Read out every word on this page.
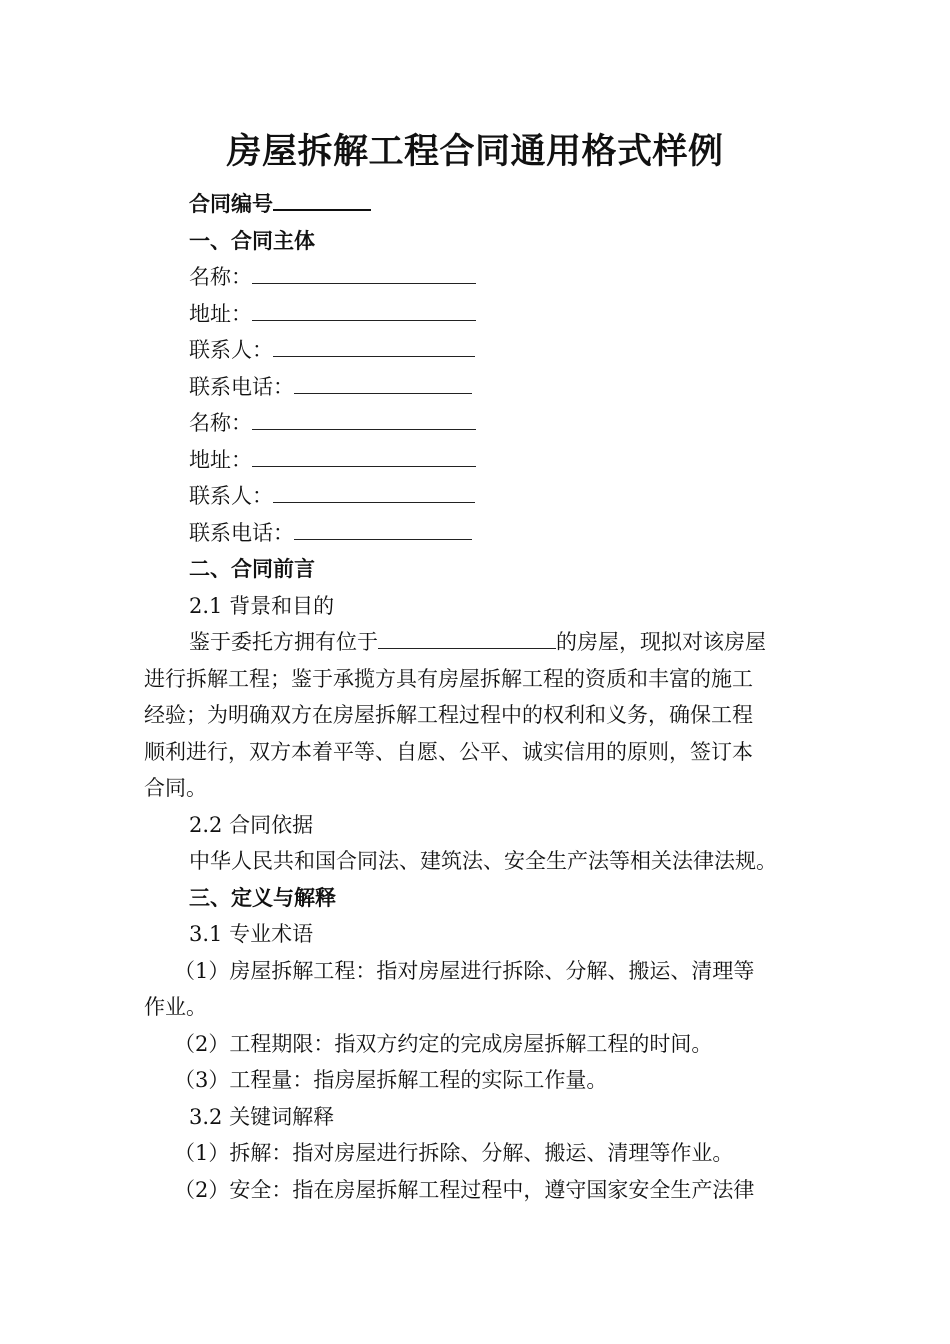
房屋拆解工程合同通用格式样例
合同编号
一、合同主体
名称：
地址：
联系人：
联系电话：
名称：
地址：
联系人：
联系电话：
二、合同前言
2.1 背景和目的
鉴于委托方拥有位于	的房屋，现拟对该房屋
进行拆解工程；鉴于承揽方具有房屋拆解工程的资质和丰富的施工
经验；为明确双方在房屋拆解工程过程中的权利和义务，确保工程
顺利进行，双方本着平等、自愿、公平、诚实信用的原则，签订本
合同。
2.2 合同依据
中华人民共和国合同法、建筑法、安全生产法等相关法律法规。
三、定义与解释
3.1 专业术语
（1）房屋拆解工程：指对房屋进行拆除、分解、搬运、清理等
作业。
（2）工程期限：指双方约定的完成房屋拆解工程的时间。
（3）工程量：指房屋拆解工程的实际工作量。
3.2 关键词解释
（1）拆解：指对房屋进行拆除、分解、搬运、清理等作业。
（2）安全：指在房屋拆解工程过程中，遵守国家安全生产法律
